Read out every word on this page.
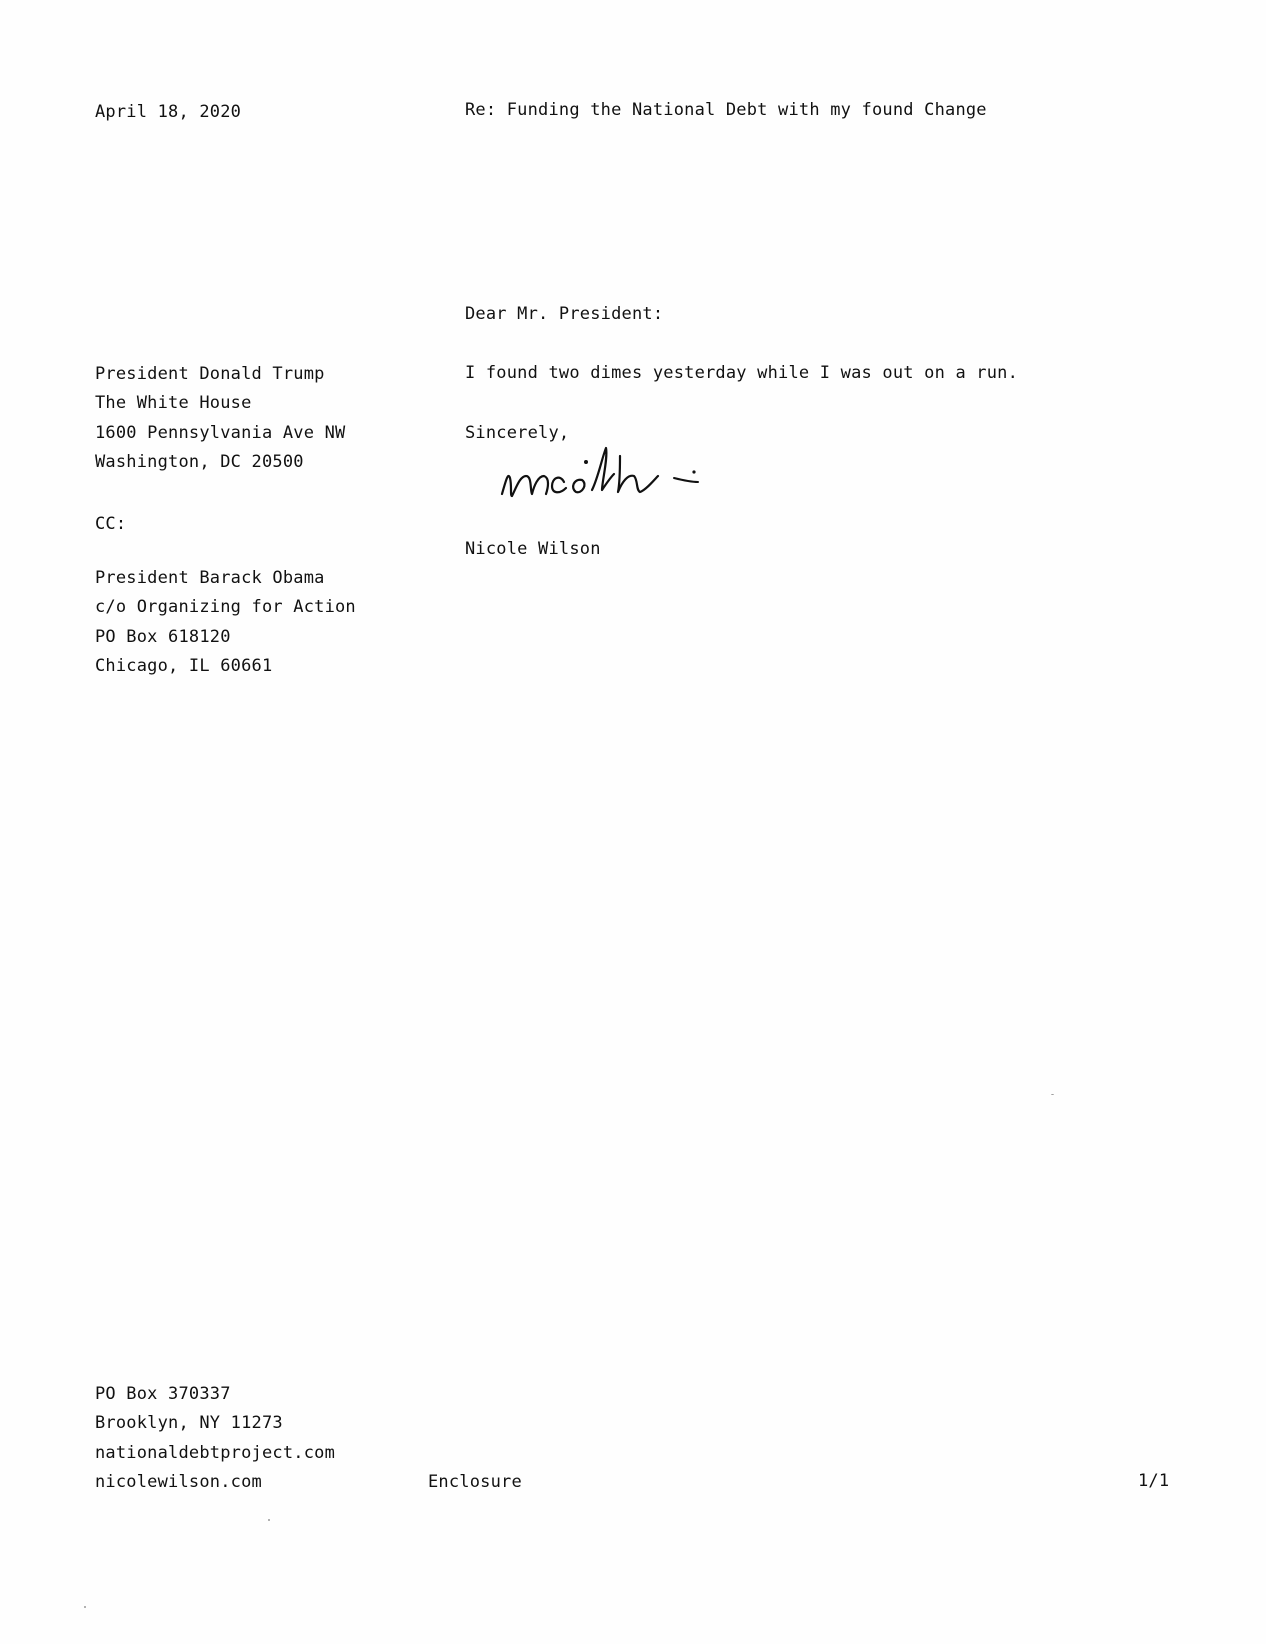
April 18, 2020	Re: Funding the National Debt with my found Change
Dear Mr. President:
President Donald Trump
The White House
1600 Pennsylvania Ave NW
Washington, DC 20500
I found two dimes yesterday while I was out on a run.
Sincerely,
Nicole Wilson
CC:
President Barack Obama
c/o Organizing for Action
PO Box 618120
Chicago, IL 60661
PO Box 370337
Brooklyn, NY 11273
nationaldebtproject.com
nicolewilson.com	Enclosure	1/1
